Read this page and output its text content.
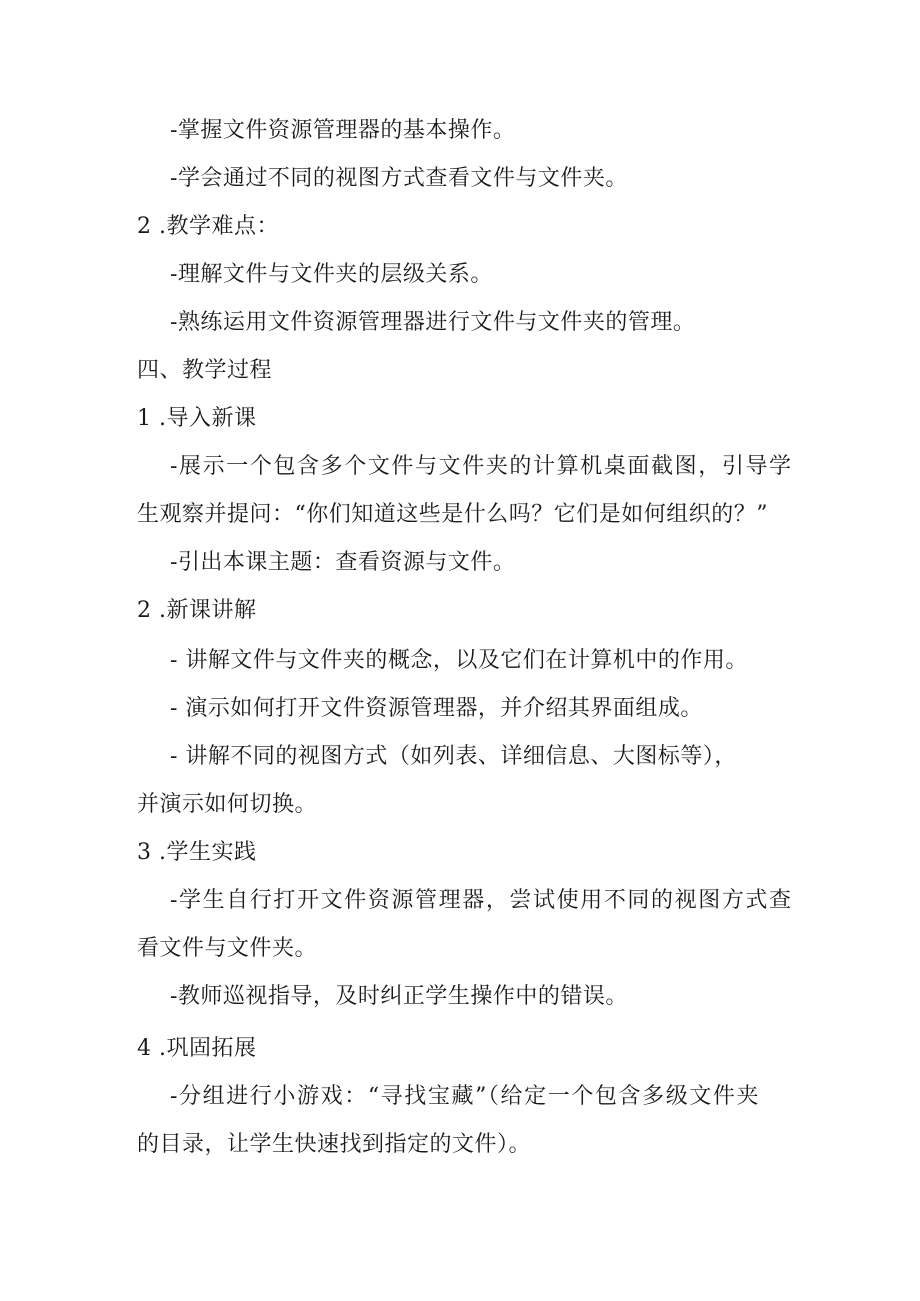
-掌握文件资源管理器的基本操作。
-学会通过不同的视图方式查看文件与文件夹。
2 .教学难点：
-理解文件与文件夹的层级关系。
-熟练运用文件资源管理器进行文件与文件夹的管理。
四、教学过程
1 .导入新课
-展示一个包含多个文件与文件夹的计算机桌面截图，引导学
生观察并提问：“你们知道这些是什么吗？它们是如何组织的？”
-引出本课主题：查看资源与文件。
2 .新课讲解
- 讲解文件与文件夹的概念，以及它们在计算机中的作用。
- 演示如何打开文件资源管理器，并介绍其界面组成。
- 讲解不同的视图方式（如列表、详细信息、大图标等），
并演示如何切换。
3 .学生实践
-学生自行打开文件资源管理器，尝试使用不同的视图方式查
看文件与文件夹。
-教师巡视指导，及时纠正学生操作中的错误。
4 .巩固拓展
-分组进行小游戏：“寻找宝藏”（给定一个包含多级文件夹
的目录，让学生快速找到指定的文件）。
